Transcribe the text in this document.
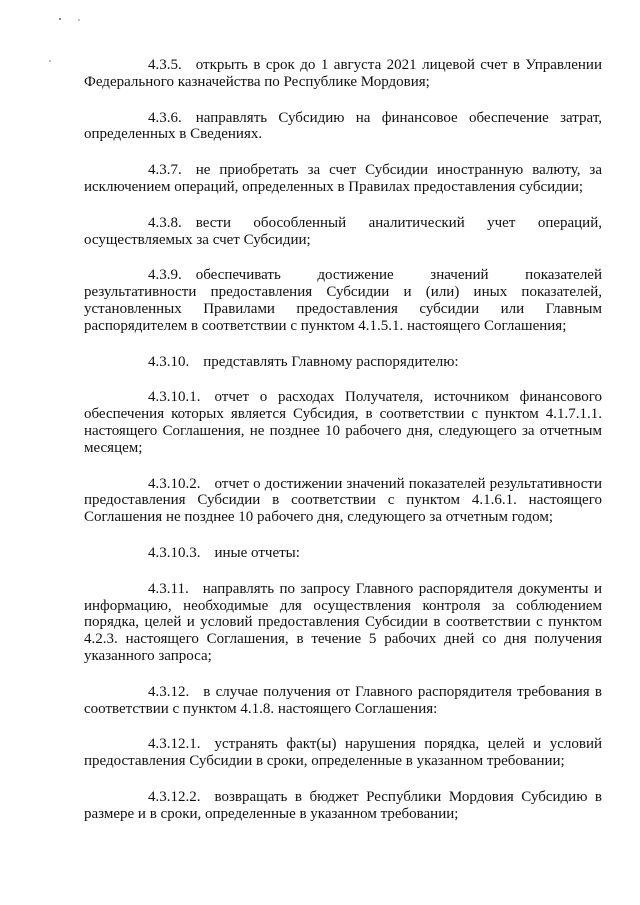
4.3.5. открыть в срок до 1 августа 2021 лицевой счет в Управлении Федерального казначейства по Республике Мордовия;

4.3.6. направлять Субсидию на финансовое обеспечение затрат, определенных в Сведениях.

4.3.7. не приобретать за счет Субсидии иностранную валюту, за исключением операций, определенных в Правилах предоставления субсидии;

4.3.8. вести обособленный аналитический учет операций, осуществляемых за счет Субсидии;

4.3.9. обеспечивать достижение значений показателей результативности предоставления Субсидии и (или) иных показателей, установленных Правилами предоставления субсидии или Главным распорядителем в соответствии с пунктом 4.1.5.1. настоящего Соглашения;

4.3.10. представлять Главному распорядителю:

4.3.10.1. отчет о расходах Получателя, источником финансового обеспечения которых является Субсидия, в соответствии с пунктом 4.1.7.1.1. настоящего Соглашения, не позднее 10 рабочего дня, следующего за отчетным месяцем;

4.3.10.2. отчет о достижении значений показателей результативности предоставления Субсидии в соответствии с пунктом 4.1.6.1. настоящего Соглашения не позднее 10 рабочего дня, следующего за отчетным годом;

4.3.10.3. иные отчеты:

4.3.11. направлять по запросу Главного распорядителя документы и информацию, необходимые для осуществления контроля за соблюдением порядка, целей и условий предоставления Субсидии в соответствии с пунктом 4.2.3. настоящего Соглашения, в течение 5 рабочих дней со дня получения указанного запроса;

4.3.12. в случае получения от Главного распорядителя требования в соответствии с пунктом 4.1.8. настоящего Соглашения:

4.3.12.1. устранять факт(ы) нарушения порядка, целей и условий предоставления Субсидии в сроки, определенные в указанном требовании;

4.3.12.2. возвращать в бюджет Республики Мордовия Субсидию в размере и в сроки, определенные в указанном требовании;
